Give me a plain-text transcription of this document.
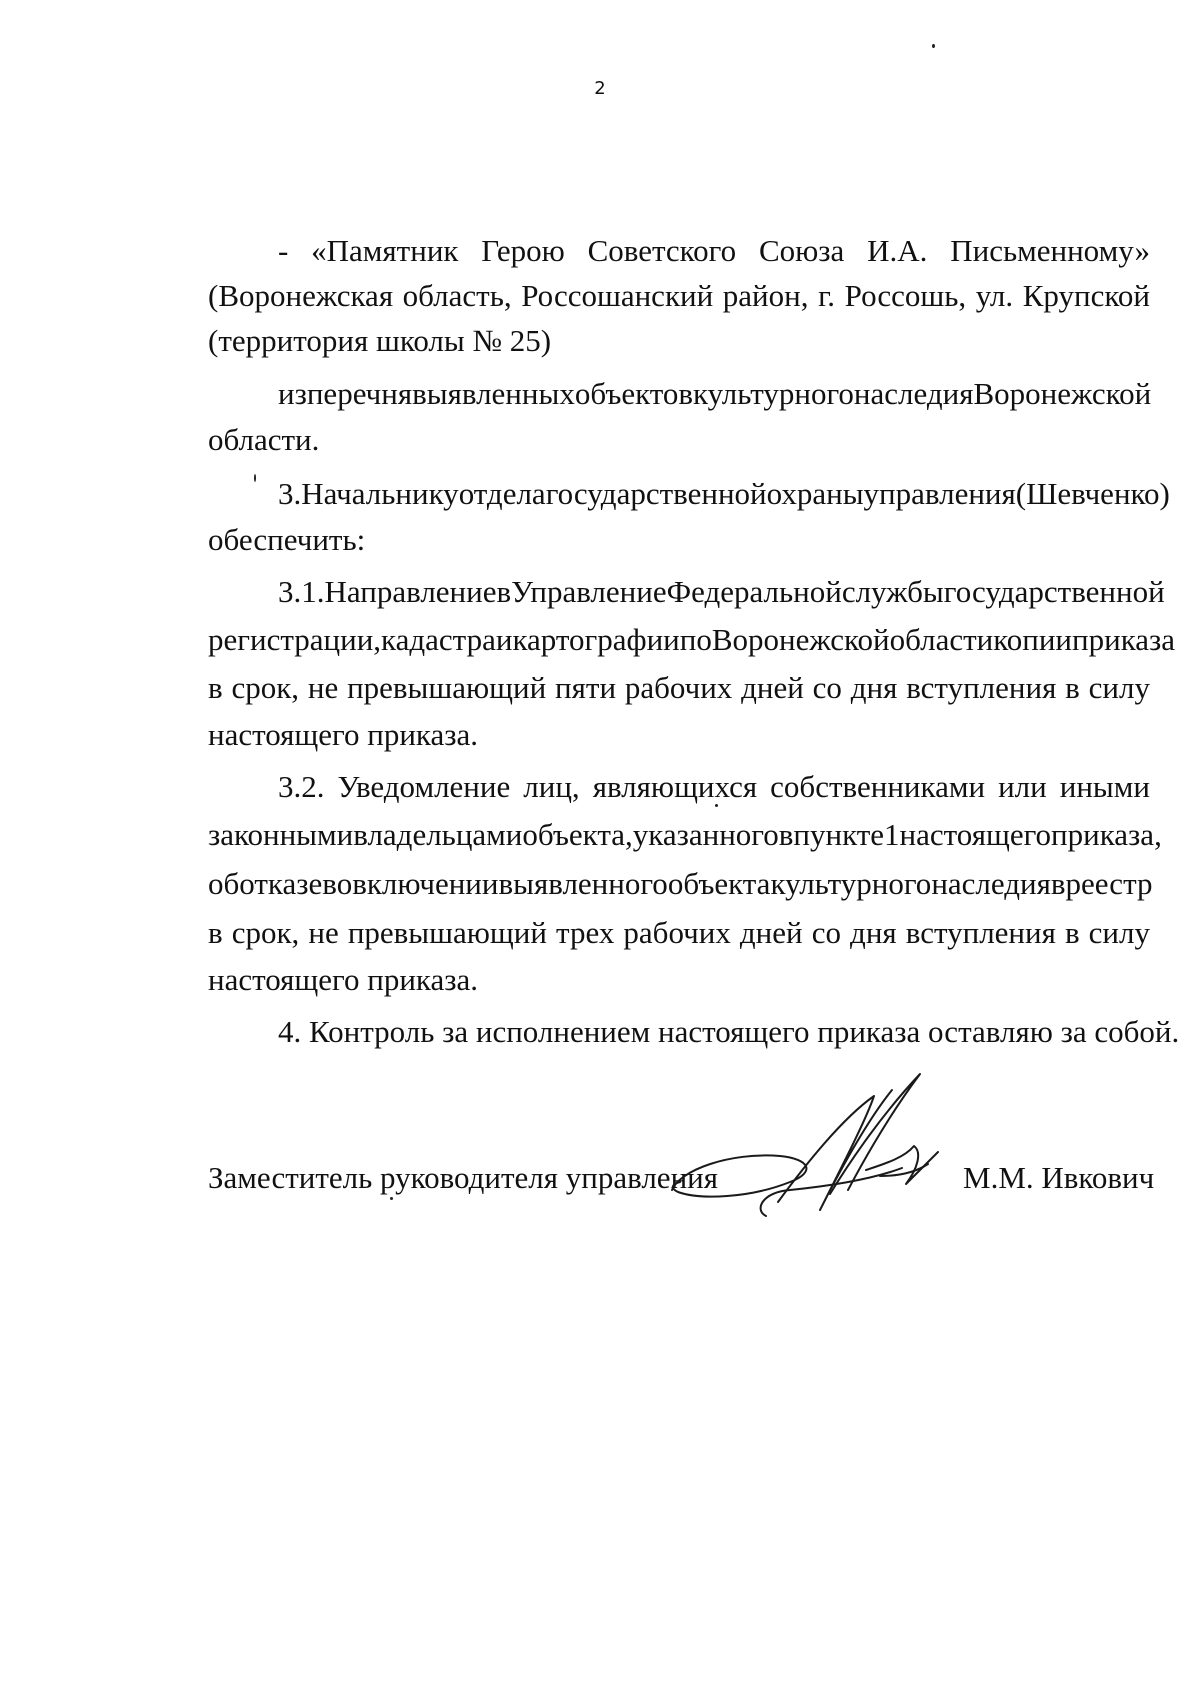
2
- «Памятник Герою Советского Союза И.А. Письменному»
(Воронежская область, Россошанский район, г. Россошь, ул. Крупской
(территория школы № 25)
из перечня выявленных объектов культурного наследия Воронежской
области.
3. Начальнику отдела государственной охраны управления (Шевченко)
обеспечить:
3.1. Направление в Управление Федеральной службы государственной
регистрации, кадастра и картографии по Воронежской области копии приказа
в срок, не превышающий пяти рабочих дней со дня вступления в силу
настоящего приказа.
3.2. Уведомление лиц, являющихся собственниками или иными
законными владельцами объекта, указанного в пункте 1 настоящего приказа,
об отказе во включении выявленного объекта культурного наследия в реестр
в срок, не превышающий трех рабочих дней со дня вступления в силу
настоящего приказа.
4. Контроль за исполнением настоящего приказа оставляю за собой.
Заместитель руководителя управления	М.М. Ивкович
